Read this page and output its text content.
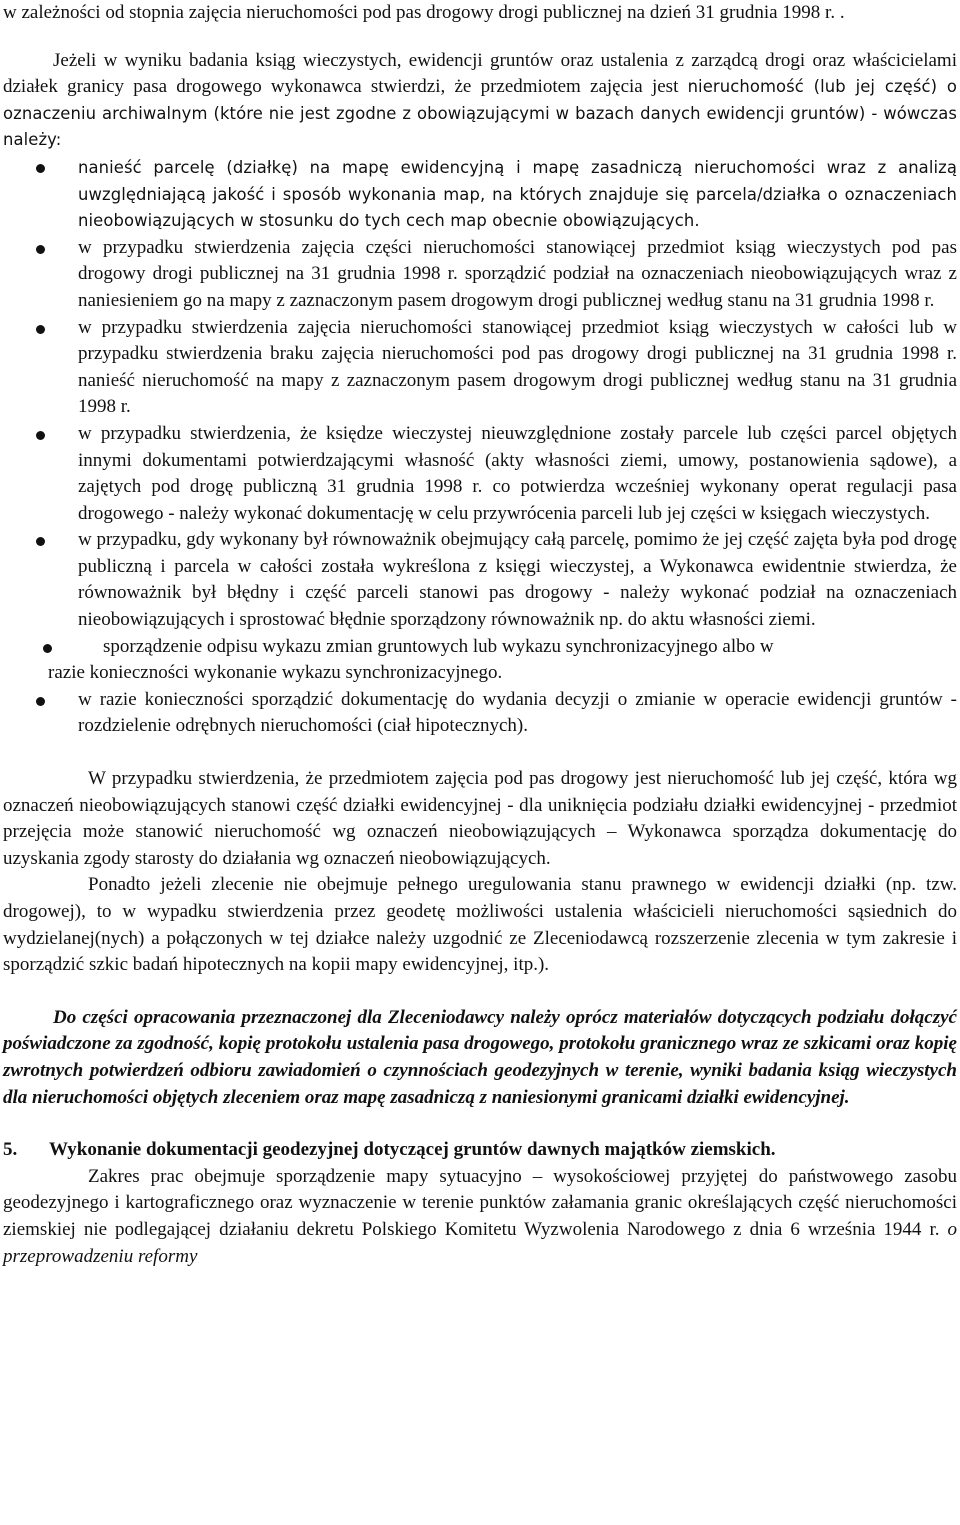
w zależności od stopnia zajęcia nieruchomości pod pas drogowy drogi publicznej na dzień 31 grudnia 1998 r. .

Jeżeli w wyniku badania ksiąg wieczystych, ewidencji gruntów oraz ustalenia z zarządcą drogi oraz właścicielami działek granicy pasa drogowego wykonawca stwierdzi, że przedmiotem zajęcia jest nieruchomość (lub jej część) o oznaczeniu archiwalnym (które nie jest zgodne z obowiązującymi w bazach danych ewidencji gruntów) - wówczas należy:

nanieść parcelę (działkę) na mapę ewidencyjną i mapę zasadniczą nieruchomości wraz z analizą uwzględniającą jakość i sposób wykonania map, na których znajduje się parcela/działka o oznaczeniach nieobowiązujących w stosunku do tych cech map obecnie obowiązujących.

w przypadku stwierdzenia zajęcia części nieruchomości stanowiącej przedmiot ksiąg wieczystych pod pas drogowy drogi publicznej na 31 grudnia 1998 r. sporządzić podział na oznaczeniach nieobowiązujących wraz z naniesieniem go na mapy z zaznaczonym pasem drogowym drogi publicznej według stanu na 31 grudnia 1998 r.

w przypadku stwierdzenia zajęcia nieruchomości stanowiącej przedmiot ksiąg wieczystych w całości lub w przypadku stwierdzenia braku zajęcia nieruchomości pod pas drogowy drogi publicznej na 31 grudnia 1998 r. nanieść nieruchomość na mapy z zaznaczonym pasem drogowym drogi publicznej według stanu na 31 grudnia 1998 r.

w przypadku stwierdzenia, że księdze wieczystej nieuwzględnione zostały parcele lub części parcel objętych innymi dokumentami potwierdzającymi własność (akty własności ziemi, umowy, postanowienia sądowe), a zajętych pod drogę publiczną 31 grudnia 1998 r. co potwierdza wcześniej wykonany operat regulacji pasa drogowego - należy wykonać dokumentację w celu przywrócenia parceli lub jej części w księgach wieczystych.

w przypadku, gdy wykonany był równoważnik obejmujący całą parcelę, pomimo że jej część zajęta była pod drogę publiczną i parcela w całości została wykreślona z księgi wieczystej, a Wykonawca ewidentnie stwierdza, że równoważnik był błędny i część parceli stanowi pas drogowy - należy wykonać podział na oznaczeniach nieobowiązujących i sprostować błędnie sporządzony równoważnik np. do aktu własności ziemi.

sporządzenie odpisu wykazu zmian gruntowych lub wykazu synchronizacyjnego albo w
razie konieczności wykonanie wykazu synchronizacyjnego.

w razie konieczności sporządzić dokumentację do wydania decyzji o zmianie w operacie ewidencji gruntów - rozdzielenie odrębnych nieruchomości (ciał hipotecznych).

W przypadku stwierdzenia, że przedmiotem zajęcia pod pas drogowy jest nieruchomość lub jej część, która wg oznaczeń nieobowiązujących stanowi część działki ewidencyjnej - dla uniknięcia podziału działki ewidencyjnej - przedmiot przejęcia może stanowić nieruchomość wg oznaczeń nieobowiązujących – Wykonawca sporządza dokumentację do uzyskania zgody starosty do działania wg oznaczeń nieobowiązujących.

Ponadto jeżeli zlecenie nie obejmuje pełnego uregulowania stanu prawnego w ewidencji działki (np. tzw. drogowej), to w wypadku stwierdzenia przez geodetę możliwości ustalenia właścicieli nieruchomości sąsiednich do wydzielanej(nych) a połączonych w tej działce należy uzgodnić ze Zleceniodawcą rozszerzenie zlecenia w tym zakresie i sporządzić szkic badań hipotecznych na kopii mapy ewidencyjnej, itp.).

Do części opracowania przeznaczonej dla Zleceniodawcy należy oprócz materiałów dotyczących podziału dołączyć poświadczone za zgodność, kopię protokołu ustalenia pasa drogowego, protokołu granicznego wraz ze szkicami oraz kopię zwrotnych potwierdzeń odbioru zawiadomień o czynnościach geodezyjnych w terenie, wyniki badania ksiąg wieczystych dla nieruchomości objętych zleceniem oraz mapę zasadniczą z naniesionymi granicami działki ewidencyjnej.

5. Wykonanie dokumentacji geodezyjnej dotyczącej gruntów dawnych majątków ziemskich.

Zakres prac obejmuje sporządzenie mapy sytuacyjno – wysokościowej przyjętej do państwowego zasobu geodezyjnego i kartograficznego oraz wyznaczenie w terenie punktów załamania granic określających część nieruchomości ziemskiej nie podlegającej działaniu dekretu Polskiego Komitetu Wyzwolenia Narodowego z dnia 6 września 1944 r. o przeprowadzeniu reformy
